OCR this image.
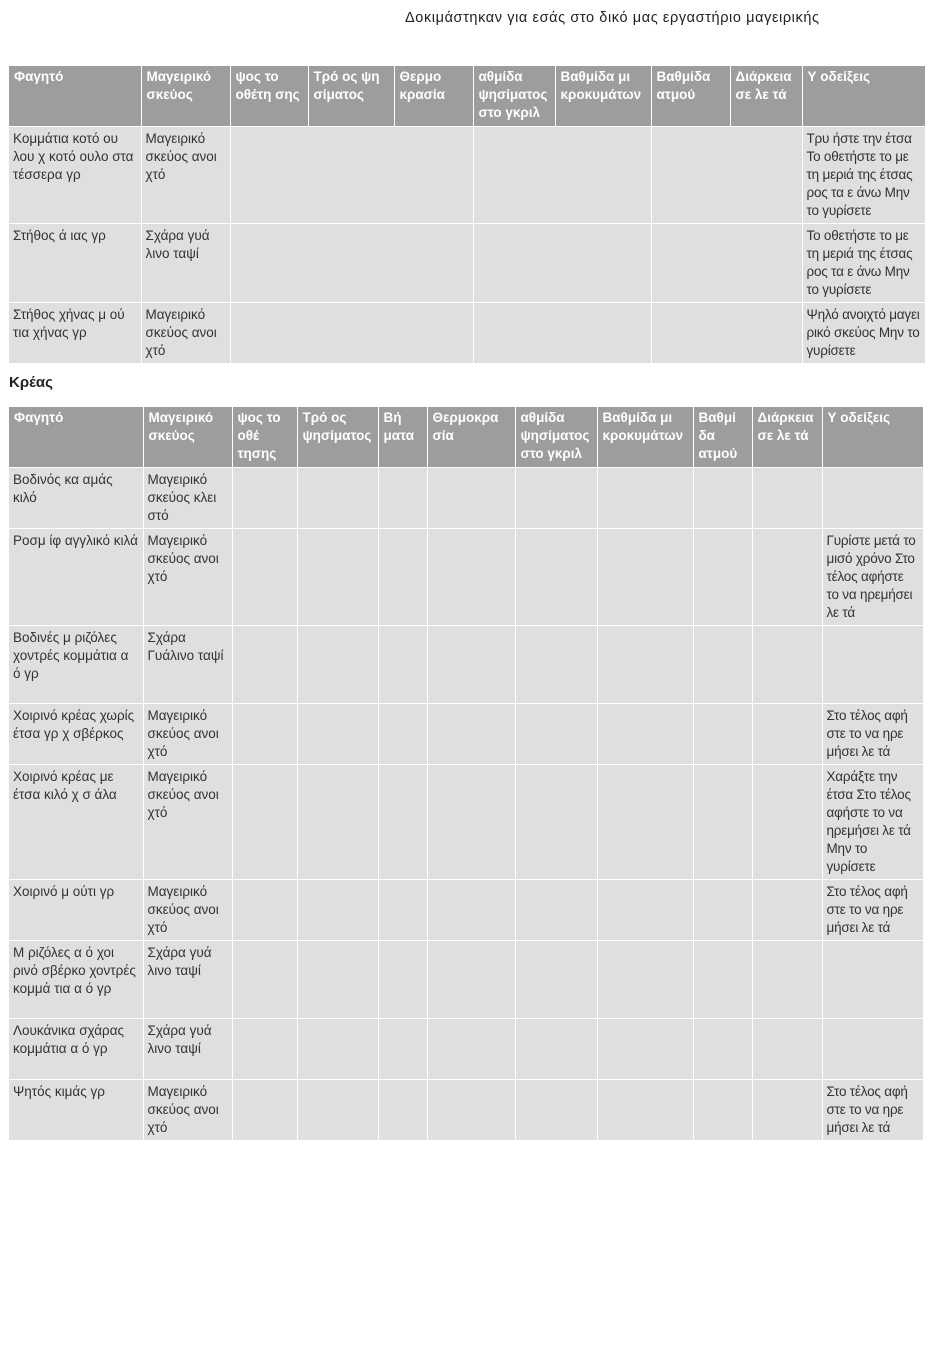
Δοκιμάστηκαν για εσάς στο δικό μας εργαστήριο μαγειρικής
Φαγητό	Μαγειρικό σκεύος	ψος το οθέτη σης	Τρό ος ψη σίματος	Θερμο κρασία	αθμίδα ψησίματος στο γκριλ	Βαθμίδα μι κροκυμάτων	Βαθμίδα ατμού	Διάρκεια σε λε τά	Υ οδείξεις
Κομμάτια κοτό ου λου χ κοτό ουλο στα τέσσερα γρ	Μαγειρικό σκεύος ανοι χτό								Τρυ ήστε την έτσα Το οθετήστε το με τη μεριά της έτσας ρος τα ε άνω Μην το γυρίσετε
Στήθος ά ιας γρ	Σχάρα γυά λινο ταψί								Το οθετήστε το με τη μεριά της έτσας ρος τα ε άνω Μην το γυρίσετε
Στήθος χήνας μ ού τια χήνας γρ	Μαγειρικό σκεύος ανοι χτό								Ψηλό ανοιχτό μαγει ρικό σκεύος Μην το γυρίσετε
Κρέας
Φαγητό	Μαγειρικό σκεύος	ψος το οθέ τησης	Τρό ος ψησίματος	Βή ματα	Θερμοκρα σία	αθμίδα ψησίματος στο γκριλ	Βαθμίδα μι κροκυμάτων	Βαθμί δα ατμού	Διάρκεια σε λε τά	Υ οδείξεις
Βοδινός κα αμάς κιλό	Μαγειρικό σκεύος κλει στό									
Ροσμ ίφ αγγλικό κιλά	Μαγειρικό σκεύος ανοι χτό									Γυρίστε μετά το μισό χρόνο Στο τέλος αφήστε το να ηρεμήσει λε τά
Βοδινές μ ριζόλες χοντρές κομμάτια α ό γρ	Σχάρα Γυάλινο ταψί									
Χοιρινό κρέας χωρίς έτσα γρ χ σβέρκος	Μαγειρικό σκεύος ανοι χτό									Στο τέλος αφή στε το να ηρε μήσει λε τά
Χοιρινό κρέας με έτσα κιλό χ σ άλα	Μαγειρικό σκεύος ανοι χτό									Χαράξτε την έτσα Στο τέλος αφήστε το να ηρεμήσει λε τά Μην το γυρίσετε
Χοιρινό μ ούτι γρ	Μαγειρικό σκεύος ανοι χτό									Στο τέλος αφή στε το να ηρε μήσει λε τά
Μ ριζόλες α ό χοι ρινό σβέρκο χοντρές κομμά τια α ό γρ	Σχάρα γυά λινο ταψί									
Λουκάνικα σχάρας κομμάτια α ό γρ	Σχάρα γυά λινο ταψί									
Ψητός κιμάς γρ	Μαγειρικό σκεύος ανοι χτό									Στο τέλος αφή στε το να ηρε μήσει λε τά
